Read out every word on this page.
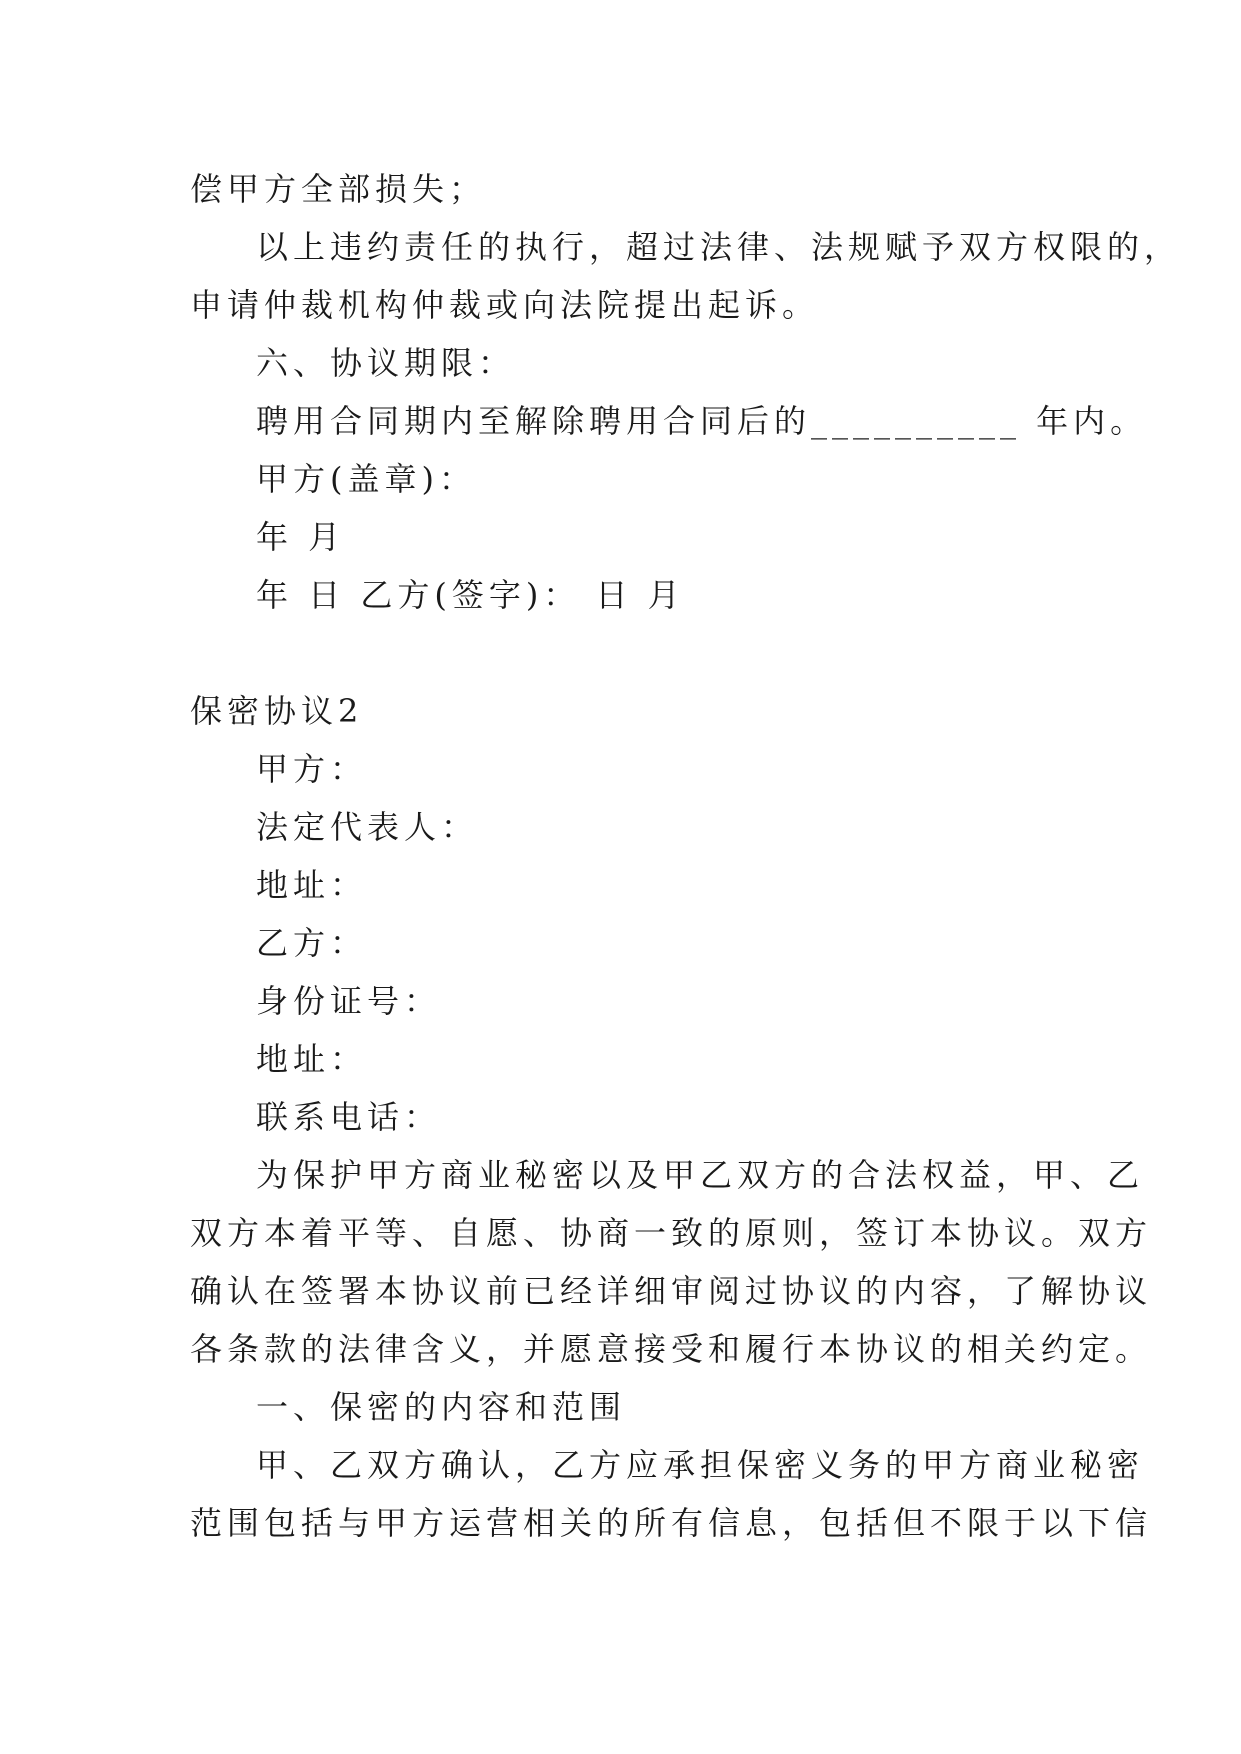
偿甲方全部损失；
以上违约责任的执行，超过法律、法规赋予双方权限的，
申请仲裁机构仲裁或向法院提出起诉。
六、协议期限：
聘用合同期内至解除聘用合同后的__________ 年内。
甲方(盖章)：
年 月
年 日 乙方(签字)： 日 月
保密协议2
甲方：
法定代表人：
地址：
乙方：
身份证号：
地址：
联系电话：
为保护甲方商业秘密以及甲乙双方的合法权益，甲、乙
双方本着平等、自愿、协商一致的原则，签订本协议。双方
确认在签署本协议前已经详细审阅过协议的内容，了解协议
各条款的法律含义，并愿意接受和履行本协议的相关约定。
一、保密的内容和范围
甲、乙双方确认，乙方应承担保密义务的甲方商业秘密
范围包括与甲方运营相关的所有信息，包括但不限于以下信
